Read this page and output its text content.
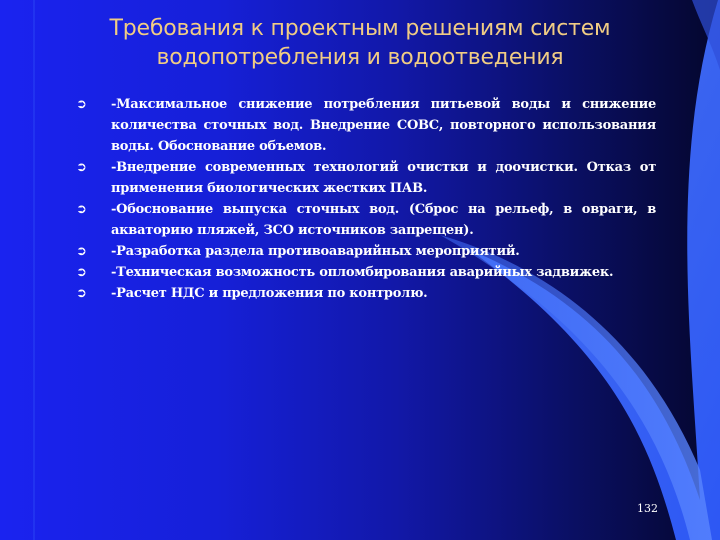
Требования к проектным решениям систем водопотребления и водоотведения
➲ -Максимальное снижение потребления питьевой воды и снижение количества сточных вод. Внедрение СОВС, повторного использования воды. Обоснование объемов.
➲ -Внедрение современных технологий очистки и доочистки. Отказ от применения биологических жестких ПАВ.
➲ -Обоснование выпуска сточных вод. (Сброс на рельеф, в овраги, в акваторию пляжей, ЗСО источников запрещен).
➲ -Разработка раздела противоаварийных мероприятий.
➲ -Техническая возможность опломбирования аварийных задвижек.
➲ -Расчет НДС и предложения по контролю.
132
